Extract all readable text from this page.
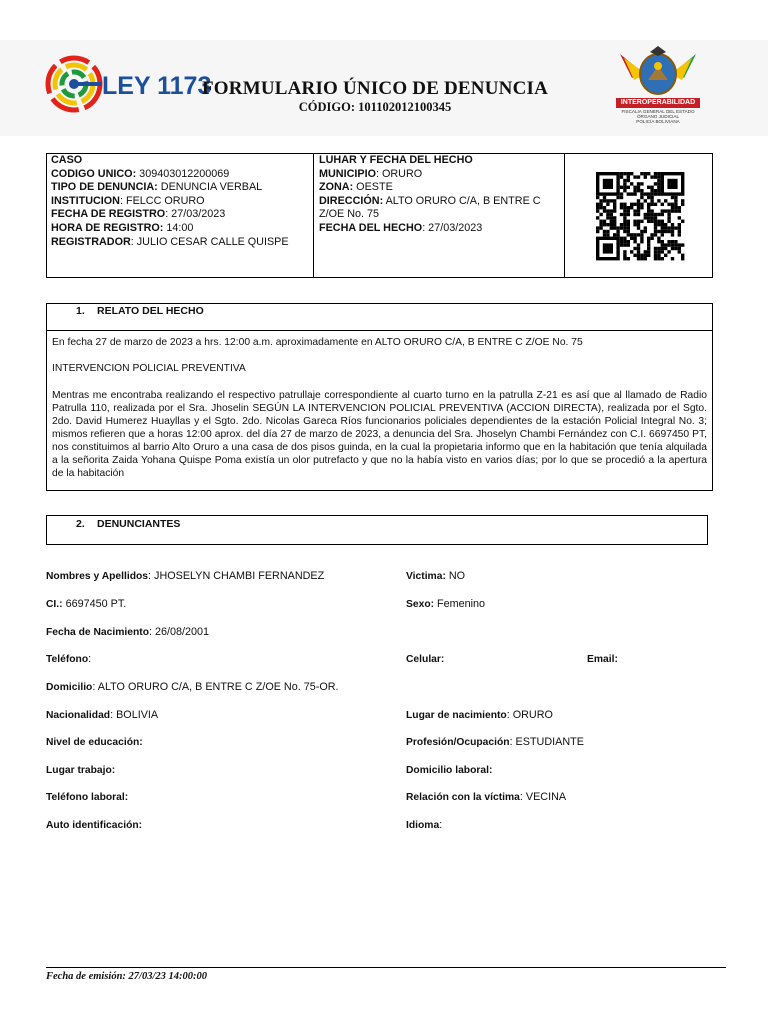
LEY 1173
FORMULARIO ÚNICO DE DENUNCIA
CÓDIGO: 101102012100345	INTEROPERABILIDAD
FISCALIA GENERAL DEL ESTADO
ÓRGANO JUDICIAL
POLICÍA BOLIVIANA
CASO
CODIGO UNICO: 309403012200069
TIPO DE DENUNCIA: DENUNCIA VERBAL
INSTITUCION: FELCC ORURO
FECHA DE REGISTRO: 27/03/2023
HORA DE REGISTRO: 14:00
REGISTRADOR: JULIO CESAR CALLE QUISPE
LUHAR Y FECHA DEL HECHO
MUNICIPIO: ORURO
ZONA: OESTE
DIRECCIÓN: ALTO ORURO C/A, B ENTRE C Z/OE No. 75
FECHA DEL HECHO: 27/03/2023
1. RELATO DEL HECHO
En fecha 27 de marzo de 2023 a hrs. 12:00 a.m. aproximadamente en ALTO ORURO C/A, B ENTRE C Z/OE No. 75
INTERVENCION POLICIAL PREVENTIVA
Mentras me encontraba realizando el respectivo patrullaje correspondiente al cuarto turno en la patrulla Z-21 es así que al llamado de Radio Patrulla 110, realizada por el Sra. Jhoselin SEGÚN LA INTERVENCION POLICIAL PREVENTIVA (ACCION DIRECTA), realizada por el Sgto. 2do. David Humerez Huayllas y el Sgto. 2do. Nicolas Gareca Ríos funcionarios policiales dependientes de la estación Policial Integral No. 3; mismos refieren que a horas 12:00 aprox. del día 27 de marzo de 2023, a denuncia del Sra. Jhoselyn Chambi Fernández con C.I. 6697450 PT, nos constituimos al barrio Alto Oruro a una casa de dos pisos guinda, en la cual la propietaria informo que en la habitación que tenía alquilada a la señorita Zaida Yohana Quispe Poma existía un olor putrefacto y que no la había visto en varios días; por lo que se procedió a la apertura de la habitación
2. DENUNCIANTES
Nombres y Apellidos: JHOSELYN CHAMBI FERNANDEZ	Victima: NO
CI.: 6697450 PT.	Sexo: Femenino
Fecha de Nacimiento: 26/08/2001
Teléfono:	Celular:	Email:
Domicilio: ALTO ORURO C/A, B ENTRE C Z/OE No. 75-OR.
Nacionalidad: BOLIVIA	Lugar de nacimiento: ORURO
Nivel de educación:	Profesión/Ocupación: ESTUDIANTE
Lugar trabajo:	Domicilio laboral:
Teléfono laboral:	Relación con la víctima: VECINA
Auto identificación:	Idioma:
Fecha de emisión: 27/03/23 14:00:00
